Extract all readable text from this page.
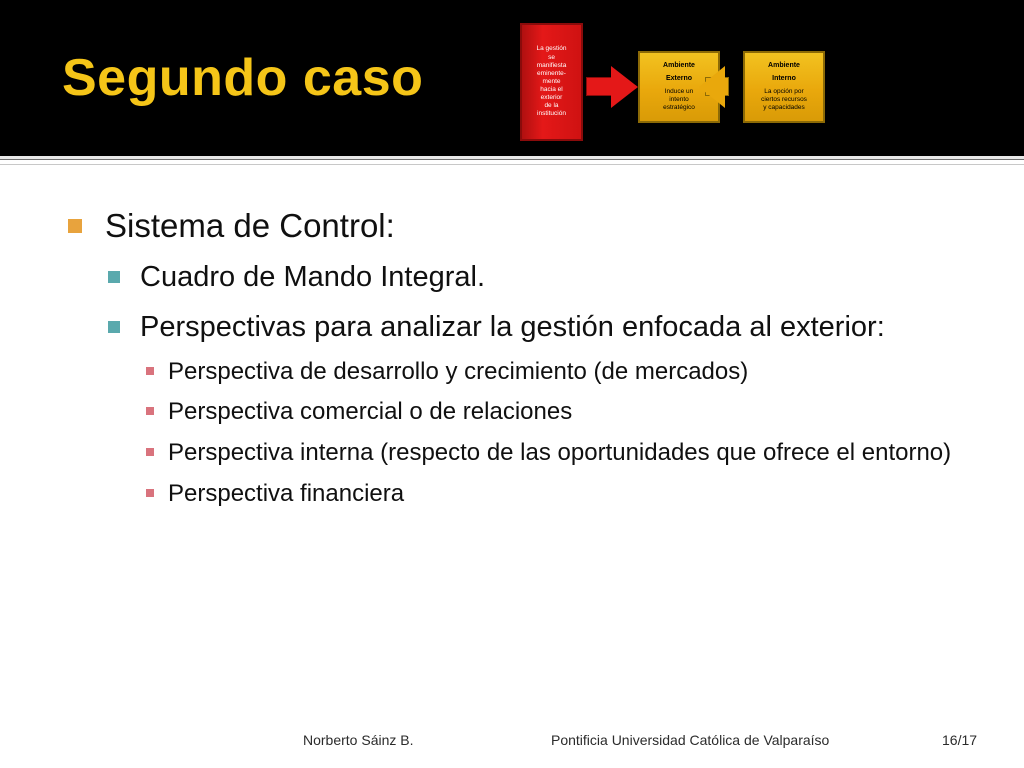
Segundo caso
La gestión
se
manifiesta
eminente-
mente
hacia el
exterior
de la
institución
Ambiente
Externo
Induce un
intento
estratégico
Ambiente
Interno
La opción por
ciertos recursos
y capacidades
Sistema de Control:
Cuadro de Mando Integral.
Perspectivas para analizar la gestión enfocada al exterior:
Perspectiva de desarrollo y crecimiento (de mercados)
Perspectiva comercial o de relaciones
Perspectiva interna (respecto de las oportunidades que ofrece el entorno)
Perspectiva financiera
Norberto Sáinz B.	Pontificia Universidad Católica de Valparaíso	16/17
